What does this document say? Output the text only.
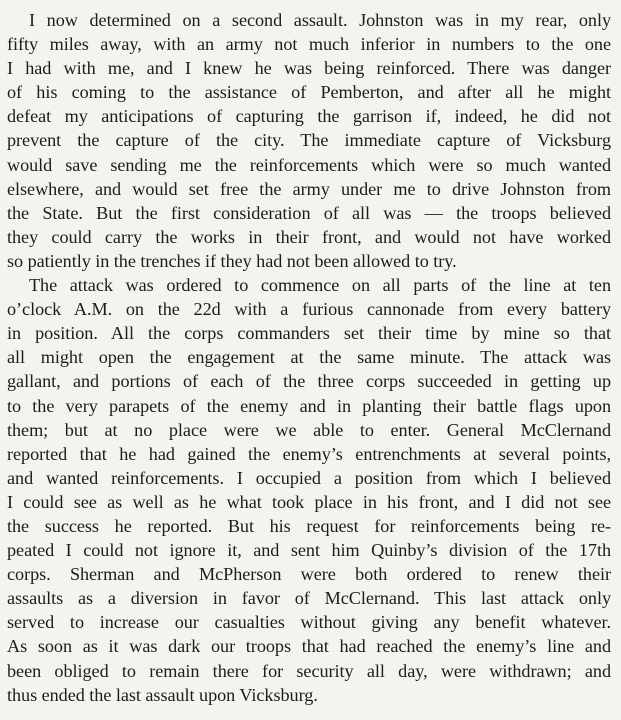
I now determined on a second assault. Johnston was in my rear, only
fifty miles away, with an army not much inferior in numbers to the one
I had with me, and I knew he was being reinforced. There was danger
of his coming to the assistance of Pemberton, and after all he might
defeat my anticipations of capturing the garrison if, indeed, he did not
prevent the capture of the city. The immediate capture of Vicksburg
would save sending me the reinforcements which were so much wanted
elsewhere, and would set free the army under me to drive Johnston from
the State. But the first consideration of all was — the troops believed
they could carry the works in their front, and would not have worked
so patiently in the trenches if they had not been allowed to try.
The attack was ordered to commence on all parts of the line at ten
o’clock A.M. on the 22d with a furious cannonade from every battery
in position. All the corps commanders set their time by mine so that
all might open the engagement at the same minute. The attack was
gallant, and portions of each of the three corps succeeded in getting up
to the very parapets of the enemy and in planting their battle flags upon
them; but at no place were we able to enter. General McClernand
reported that he had gained the enemy’s entrenchments at several points,
and wanted reinforcements. I occupied a position from which I believed
I could see as well as he what took place in his front, and I did not see
the success he reported. But his request for reinforcements being re-
peated I could not ignore it, and sent him Quinby’s division of the 17th
corps. Sherman and McPherson were both ordered to renew their
assaults as a diversion in favor of McClernand. This last attack only
served to increase our casualties without giving any benefit whatever.
As soon as it was dark our troops that had reached the enemy’s line and
been obliged to remain there for security all day, were withdrawn; and
thus ended the last assault upon Vicksburg.
